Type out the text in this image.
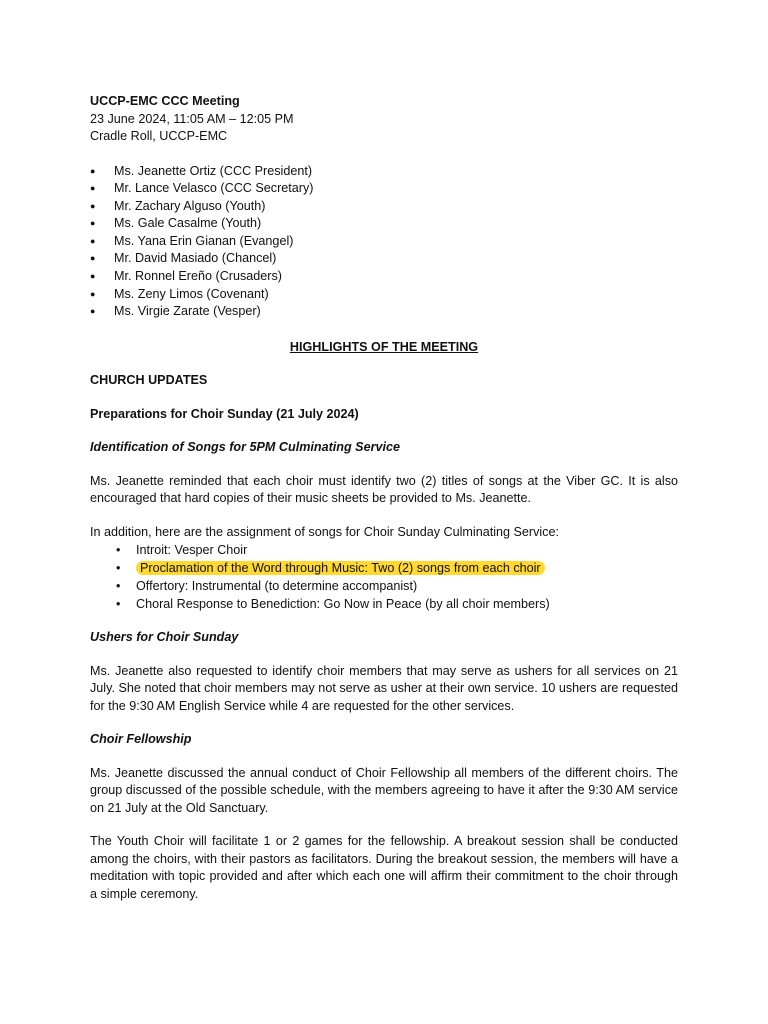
UCCP-EMC CCC Meeting

23 June 2024, 11:05 AM – 12:05 PM

Cradle Roll, UCCP-EMC

● Ms. Jeanette Ortiz (CCC President)
● Mr. Lance Velasco (CCC Secretary)
● Mr. Zachary Alguso (Youth)
● Ms. Gale Casalme (Youth)
● Ms. Yana Erin Gianan (Evangel)
● Mr. David Masiado (Chancel)
● Mr. Ronnel Ereño (Crusaders)
● Ms. Zeny Limos (Covenant)
● Ms. Virgie Zarate (Vesper)

HIGHLIGHTS OF THE MEETING

CHURCH UPDATES

Preparations for Choir Sunday (21 July 2024)

Identification of Songs for 5PM Culminating Service

Ms. Jeanette reminded that each choir must identify two (2) titles of songs at the Viber GC. It is also encouraged that hard copies of their music sheets be provided to Ms. Jeanette.

In addition, here are the assignment of songs for Choir Sunday Culminating Service:

• Introit: Vesper Choir
• Proclamation of the Word through Music: Two (2) songs from each choir
• Offertory: Instrumental (to determine accompanist)
• Choral Response to Benediction: Go Now in Peace (by all choir members)

Ushers for Choir Sunday

Ms. Jeanette also requested to identify choir members that may serve as ushers for all services on 21 July. She noted that choir members may not serve as usher at their own service. 10 ushers are requested for the 9:30 AM English Service while 4 are requested for the other services.

Choir Fellowship

Ms. Jeanette discussed the annual conduct of Choir Fellowship all members of the different choirs. The group discussed of the possible schedule, with the members agreeing to have it after the 9:30 AM service on 21 July at the Old Sanctuary.

The Youth Choir will facilitate 1 or 2 games for the fellowship. A breakout session shall be conducted among the choirs, with their pastors as facilitators. During the breakout session, the members will have a meditation with topic provided and after which each one will affirm their commitment to the choir through a simple ceremony.
